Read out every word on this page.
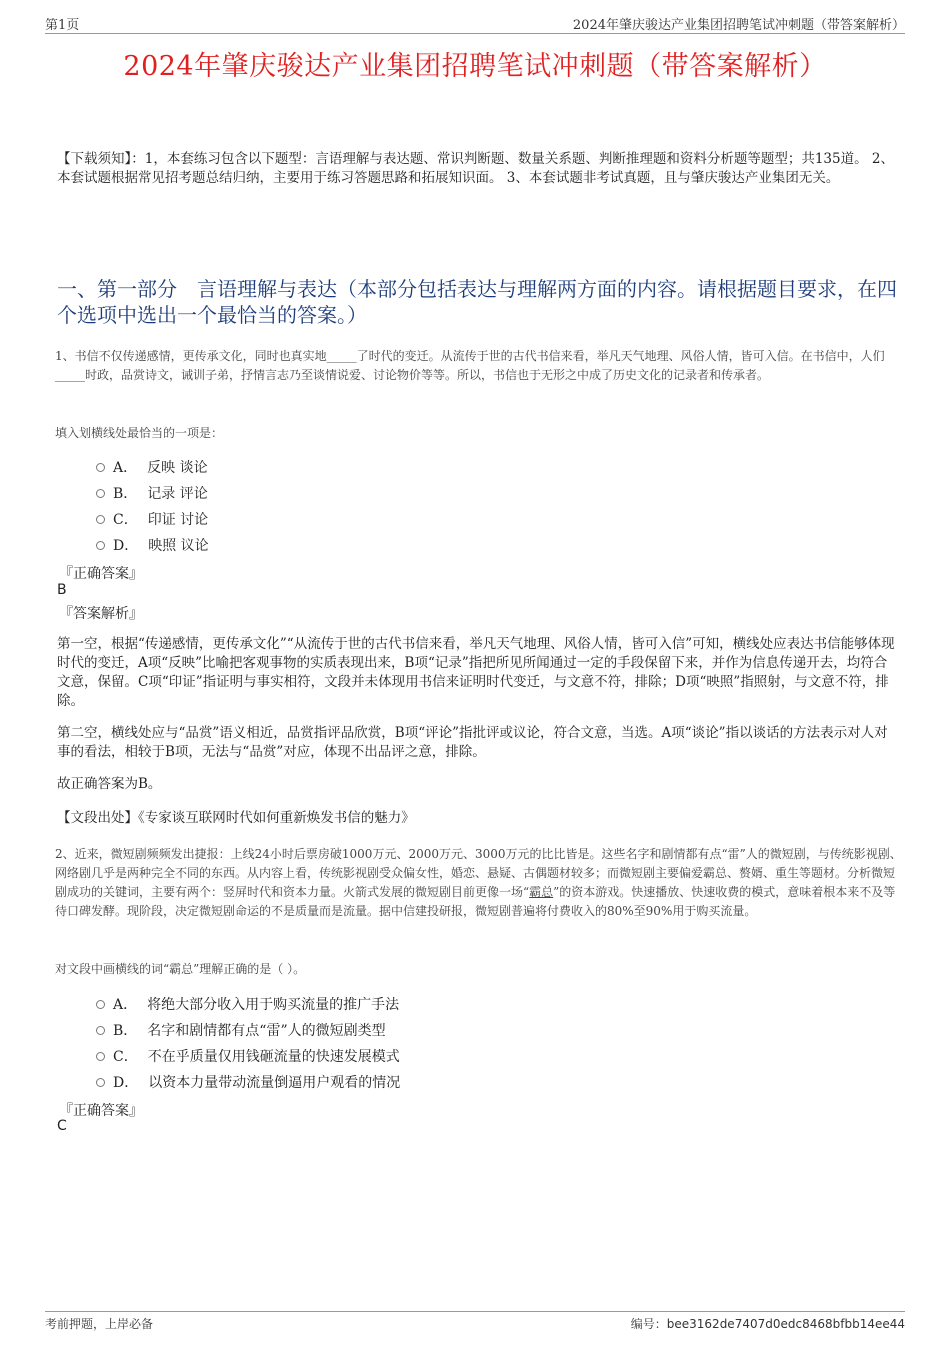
第1页	2024年肇庆骏达产业集团招聘笔试冲刺题（带答案解析）
2024年肇庆骏达产业集团招聘笔试冲刺题（带答案解析）
【下载须知】：1，本套练习包含以下题型：言语理解与表达题、常识判断题、数量关系题、判断推理题和资料分析题等题型；共135道。 2、本套试题根据常见招考题总结归纳，主要用于练习答题思路和拓展知识面。 3、本套试题非考试真题，且与肇庆骏达产业集团无关。
一、第一部分　言语理解与表达（本部分包括表达与理解两方面的内容。请根据题目要求，在四个选项中选出一个最恰当的答案。）
1、书信不仅传递感情，更传承文化，同时也真实地_____了时代的变迁。从流传于世的古代书信来看，举凡天气地理、风俗人情，皆可入信。在书信中，人们_____时政，品赏诗文，诫训子弟，抒情言志乃至谈情说爱、讨论物价等等。所以，书信也于无形之中成了历史文化的记录者和传承者。
填入划横线处最恰当的一项是：
A． 反映 谈论
B． 记录 评论
C． 印证 讨论
D． 映照 议论
『正确答案』
B
『答案解析』
第一空，根据“传递感情，更传承文化”“从流传于世的古代书信来看，举凡天气地理、风俗人情，皆可入信”可知，横线处应表达书信能够体现时代的变迁，A项“反映”比喻把客观事物的实质表现出来，B项“记录”指把所见所闻通过一定的手段保留下来，并作为信息传递开去，均符合文意，保留。C项“印证”指证明与事实相符，文段并未体现用书信来证明时代变迁，与文意不符，排除；D项“映照”指照射，与文意不符，排除。
第二空，横线处应与“品赏”语义相近，品赏指评品欣赏，B项“评论”指批评或议论，符合文意，当选。A项“谈论”指以谈话的方法表示对人对事的看法，相较于B项，无法与“品赏”对应，体现不出品评之意，排除。
故正确答案为B。
【文段出处】《专家谈互联网时代如何重新焕发书信的魅力》
2、近来，微短剧频频发出捷报：上线24小时后票房破1000万元、2000万元、3000万元的比比皆是。这些名字和剧情都有点“雷”人的微短剧，与传统影视剧、网络剧几乎是两种完全不同的东西。从内容上看，传统影视剧受众偏女性，婚恋、悬疑、古偶题材较多；而微短剧主要偏爱霸总、赘婿、重生等题材。分析微短剧成功的关键词，主要有两个：竖屏时代和资本力量。火箭式发展的微短剧目前更像一场“霸总”的资本游戏。快速播放、快速收费的模式，意味着根本来不及等待口碑发酵。现阶段，决定微短剧命运的不是质量而是流量。据中信建投研报，微短剧普遍将付费收入的80%至90%用于购买流量。
对文段中画横线的词“霸总”理解正确的是（ ）。
A． 将绝大部分收入用于购买流量的推广手法
B． 名字和剧情都有点“雷”人的微短剧类型
C． 不在乎质量仅用钱砸流量的快速发展模式
D． 以资本力量带动流量倒逼用户观看的情况
『正确答案』
C
考前押题，上岸必备	编号：bee3162de7407d0edc8468bfbb14ee44
